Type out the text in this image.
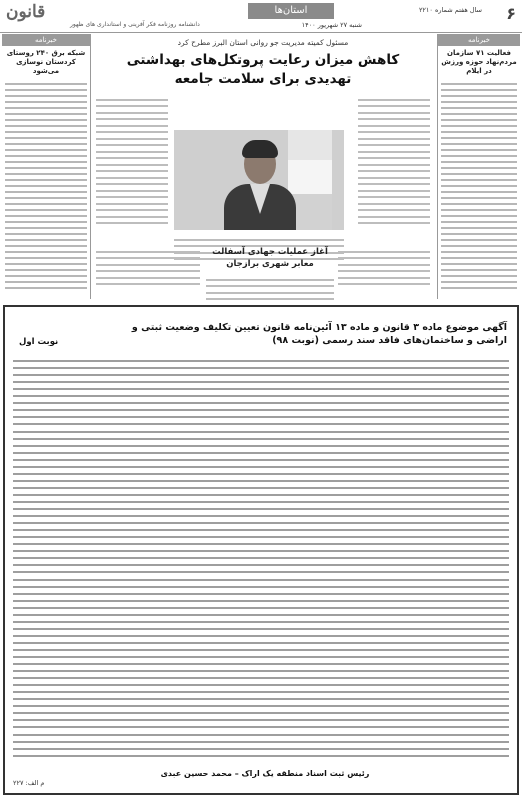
۶
استان‌ها	سال هفتم شماره ۲۲۱۰
شنبه ۲۷ شهریور ۱۴۰۰
قانون
دانشنامه روزنامه فکر آفرینی و استانداری های ظهور
خبرنامه
فعالیت ۷۱ سازمان مردم‌نهاد حوزه ورزش در ایلام
خبرنامه
شبکه برق ۲۴۰ روستای کردستان نوسازی می‌شود
مسئول کمیته مدیریت جو روانی استان البرز مطرح کرد
کاهش میزان رعایت پروتکل‌های بهداشتی
تهدیدی برای سلامت جامعه
آغاز عملیات جهادی آسفالت
معابر شهری برازجان
آگهی موضوع ماده ۳ قانون و ماده ۱۳ آئین‌نامه قانون تعیین تکلیف وضعیت ثبتی و اراضی و ساختمان‌های فاقد سند رسمی (نوبت ۹۸)
نوبت اول
رئیس ثبت اسناد منطقه یک اراک – محمد حسین عبدی
م الف: ۲۲۷
